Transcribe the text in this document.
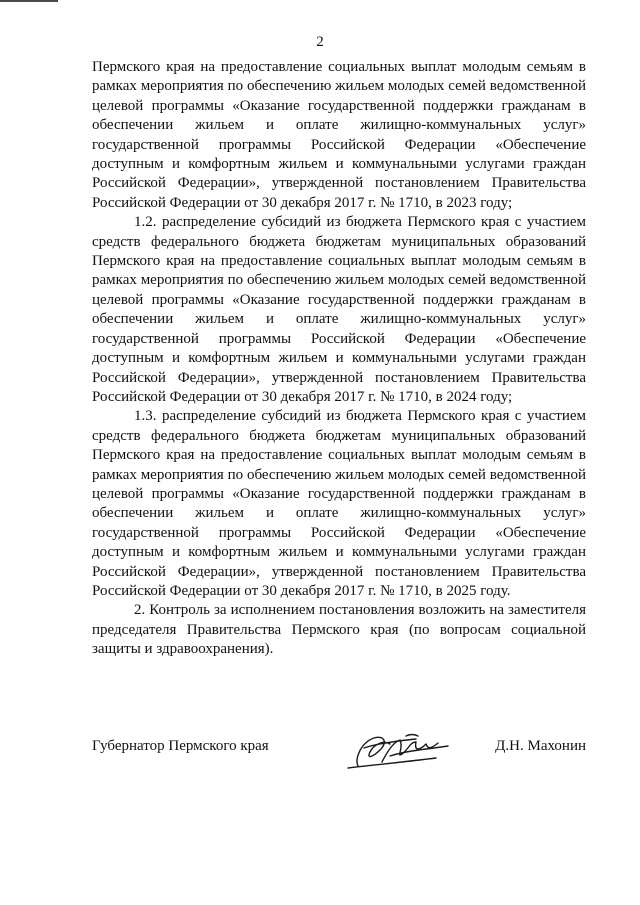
2

Пермского края на предоставление социальных выплат молодым семьям в рамках мероприятия по обеспечению жильем молодых семей ведомственной целевой программы «Оказание государственной поддержки гражданам в обеспечении жильем и оплате жилищно-коммунальных услуг» государственной программы Российской Федерации «Обеспечение доступным и комфортным жильем и коммунальными услугами граждан Российской Федерации», утвержденной постановлением Правительства Российской Федерации от 30 декабря 2017 г. № 1710, в 2023 году;

1.2. распределение субсидий из бюджета Пермского края с участием средств федерального бюджета бюджетам муниципальных образований Пермского края на предоставление социальных выплат молодым семьям в рамках мероприятия по обеспечению жильем молодых семей ведомственной целевой программы «Оказание государственной поддержки гражданам в обеспечении жильем и оплате жилищно-коммунальных услуг» государственной программы Российской Федерации «Обеспечение доступным и комфортным жильем и коммунальными услугами граждан Российской Федерации», утвержденной постановлением Правительства Российской Федерации от 30 декабря 2017 г. № 1710, в 2024 году;

1.3. распределение субсидий из бюджета Пермского края с участием средств федерального бюджета бюджетам муниципальных образований Пермского края на предоставление социальных выплат молодым семьям в рамках мероприятия по обеспечению жильем молодых семей ведомственной целевой программы «Оказание государственной поддержки гражданам в обеспечении жильем и оплате жилищно-коммунальных услуг» государственной программы Российской Федерации «Обеспечение доступным и комфортным жильем и коммунальными услугами граждан Российской Федерации», утвержденной постановлением Правительства Российской Федерации от 30 декабря 2017 г. № 1710, в 2025 году.

2. Контроль за исполнением постановления возложить на заместителя председателя Правительства Пермского края (по вопросам социальной защиты и здравоохранения).

Губернатор Пермского края	Д.Н. Махонин
